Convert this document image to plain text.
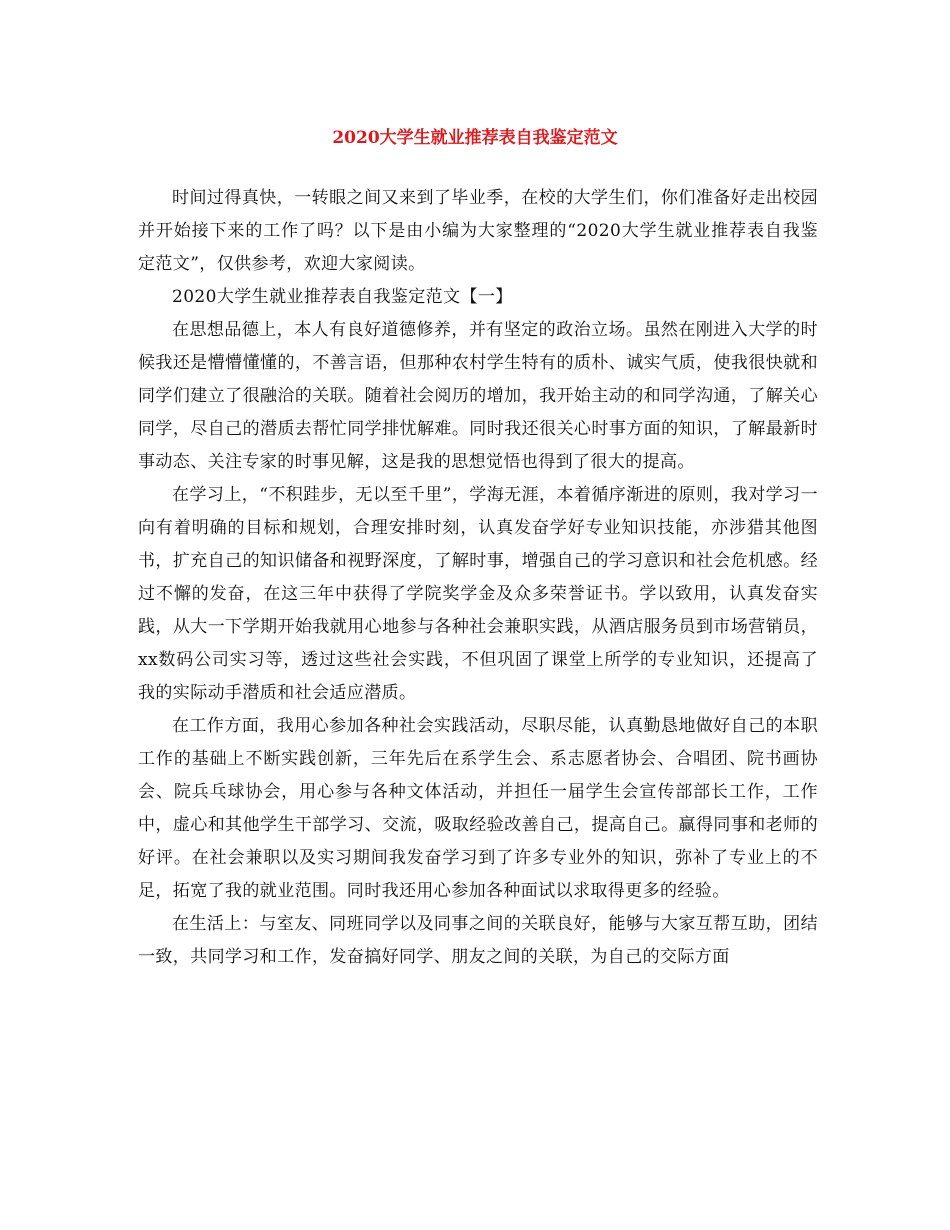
2020大学生就业推荐表自我鉴定范文

时间过得真快，一转眼之间又来到了毕业季，在校的大学生们，你们准备好走出校园并开始接下来的工作了吗？以下是由小编为大家整理的“2020大学生就业推荐表自我鉴定范文”，仅供参考，欢迎大家阅读。

2020大学生就业推荐表自我鉴定范文【一】

在思想品德上，本人有良好道德修养，并有坚定的政治立场。虽然在刚进入大学的时候我还是懵懵懂懂的，不善言语，但那种农村学生特有的质朴、诚实气质，使我很快就和同学们建立了很融洽的关联。随着社会阅历的增加，我开始主动的和同学沟通，了解关心同学，尽自己的潜质去帮忙同学排忧解难。同时我还很关心时事方面的知识，了解最新时事动态、关注专家的时事见解，这是我的思想觉悟也得到了很大的提高。

在学习上，“不积跬步，无以至千里”，学海无涯，本着循序渐进的原则，我对学习一向有着明确的目标和规划，合理安排时刻，认真发奋学好专业知识技能，亦涉猎其他图书，扩充自己的知识储备和视野深度，了解时事，增强自己的学习意识和社会危机感。经过不懈的发奋，在这三年中获得了学院奖学金及众多荣誉证书。学以致用，认真发奋实践，从大一下学期开始我就用心地参与各种社会兼职实践，从酒店服务员到市场营销员，xx数码公司实习等，透过这些社会实践，不但巩固了课堂上所学的专业知识，还提高了我的实际动手潜质和社会适应潜质。

在工作方面，我用心参加各种社会实践活动，尽职尽能，认真勤恳地做好自己的本职工作的基础上不断实践创新，三年先后在系学生会、系志愿者协会、合唱团、院书画协会、院兵乓球协会，用心参与各种文体活动，并担任一届学生会宣传部部长工作，工作中，虚心和其他学生干部学习、交流，吸取经验改善自己，提高自己。赢得同事和老师的好评。在社会兼职以及实习期间我发奋学习到了许多专业外的知识，弥补了专业上的不足，拓宽了我的就业范围。同时我还用心参加各种面试以求取得更多的经验。

在生活上：与室友、同班同学以及同事之间的关联良好，能够与大家互帮互助，团结一致，共同学习和工作，发奋搞好同学、朋友之间的关联，为自己的交际方面
